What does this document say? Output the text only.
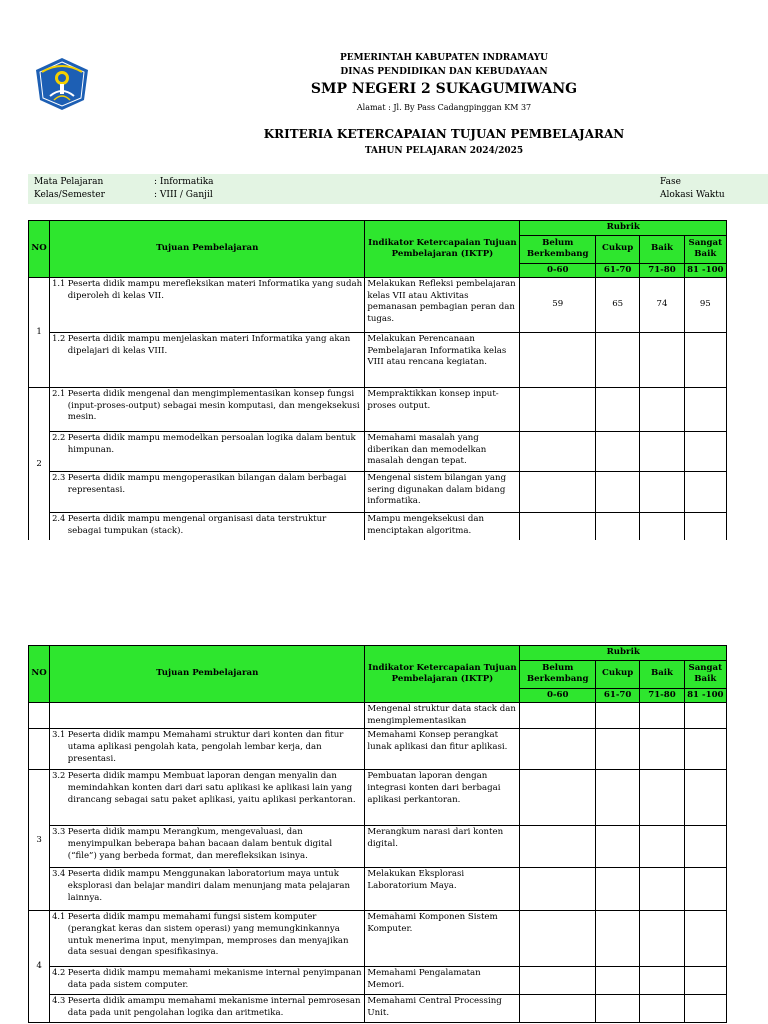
PEMERINTAH KABUPATEN INDRAMAYU
DINAS PENDIDIKAN DAN KEBUDAYAAN
SMP NEGERI 2 SUKAGUMIWANG
Alamat : Jl. By Pass Cadangpinggan KM 37
KRITERIA KETERCAPAIAN TUJUAN PEMBELAJARAN
TAHUN PELAJARAN 2024/2025
Mata Pelajaran	: Informatika
Kelas/Semester	: VIII / Ganjil
Fase
Alokasi Waktu
NO	Tujuan Pembelajaran		Indikator Ketercapaian Tujuan Pembelajaran (IKTP)	Rubrik			
				Belum Berkembang	Cukup	Baik	Sangat Baik
				0-60	61-70	71-80	81 -100
1	1.1	Peserta didik mampu merefleksikan materi Informatika yang sudah diperoleh di kelas VII.	Melakukan Refleksi pembelajaran kelas VII atau Aktivitas pemanasan pembagian peran dan tugas.	59	65	74	95
	1.2	Peserta didik mampu menjelaskan materi Informatika yang akan dipelajari di kelas VIII.	Melakukan Perencanaan Pembelajaran Informatika kelas VIII atau rencana kegiatan.				
2	2.1	Peserta didik mengenal dan mengimplementasikan konsep fungsi (input-proses-output) sebagai mesin komputasi, dan mengeksekusi mesin.	Mempraktikkan konsep input-proses output.				
	2.2	Peserta didik mampu memodelkan persoalan logika dalam bentuk himpunan.	Memahami masalah yang diberikan dan memodelkan masalah dengan tepat.				
	2.3	Peserta didik mampu mengoperasikan bilangan dalam berbagai representasi.	Mengenal sistem bilangan yang sering digunakan dalam bidang informatika.				
	2.4	Peserta didik mampu mengenal organisasi data terstruktur sebagai tumpukan (stack).	Mampu mengeksekusi dan menciptakan algoritma.				
NO	Tujuan Pembelajaran		Indikator Ketercapaian Tujuan Pembelajaran (IKTP)	Rubrik			
				Belum Berkembang	Cukup	Baik	Sangat Baik
				0-60	61-70	71-80	81 -100
			Mengenal struktur data stack dan mengimplementasikan				
	3.1	Peserta didik mampu Memahami struktur dari konten dan fitur utama aplikasi pengolah kata, pengolah lembar kerja, dan presentasi.	Memahami Konsep perangkat lunak aplikasi dan fitur aplikasi.				
3	3.2	Peserta didik mampu Membuat laporan dengan menyalin dan memindahkan konten dari dari satu aplikasi ke aplikasi lain yang dirancang sebagai satu paket aplikasi, yaitu aplikasi perkantoran.	Pembuatan laporan dengan integrasi konten dari berbagai aplikasi perkantoran.				
	3.3	Peserta didik mampu Merangkum, mengevaluasi, dan menyimpulkan beberapa bahan bacaan dalam bentuk digital (“file”) yang berbeda format, dan merefleksikan isinya.	Merangkum narasi dari konten digital.				
	3.4	Peserta didik mampu Menggunakan laboratorium maya untuk eksplorasi dan belajar mandiri dalam menunjang mata pelajaran lainnya.	Melakukan Eksplorasi Laboratorium Maya.				
4	4.1	Peserta didik mampu memahami fungsi sistem komputer (perangkat keras dan sistem operasi) yang memungkinkannya untuk menerima input, menyimpan, memproses dan menyajikan data sesuai dengan spesifikasinya.	Memahami Komponen Sistem Komputer.				
	4.2	Peserta didik mampu memahami mekanisme internal penyimpanan data pada sistem computer.	Memahami Pengalamatan Memori.				
	4.3	Peserta didik amampu memahami mekanisme internal pemrosesan data pada unit pengolahan logika dan aritmetika.	Memahami Central Processing Unit.				
